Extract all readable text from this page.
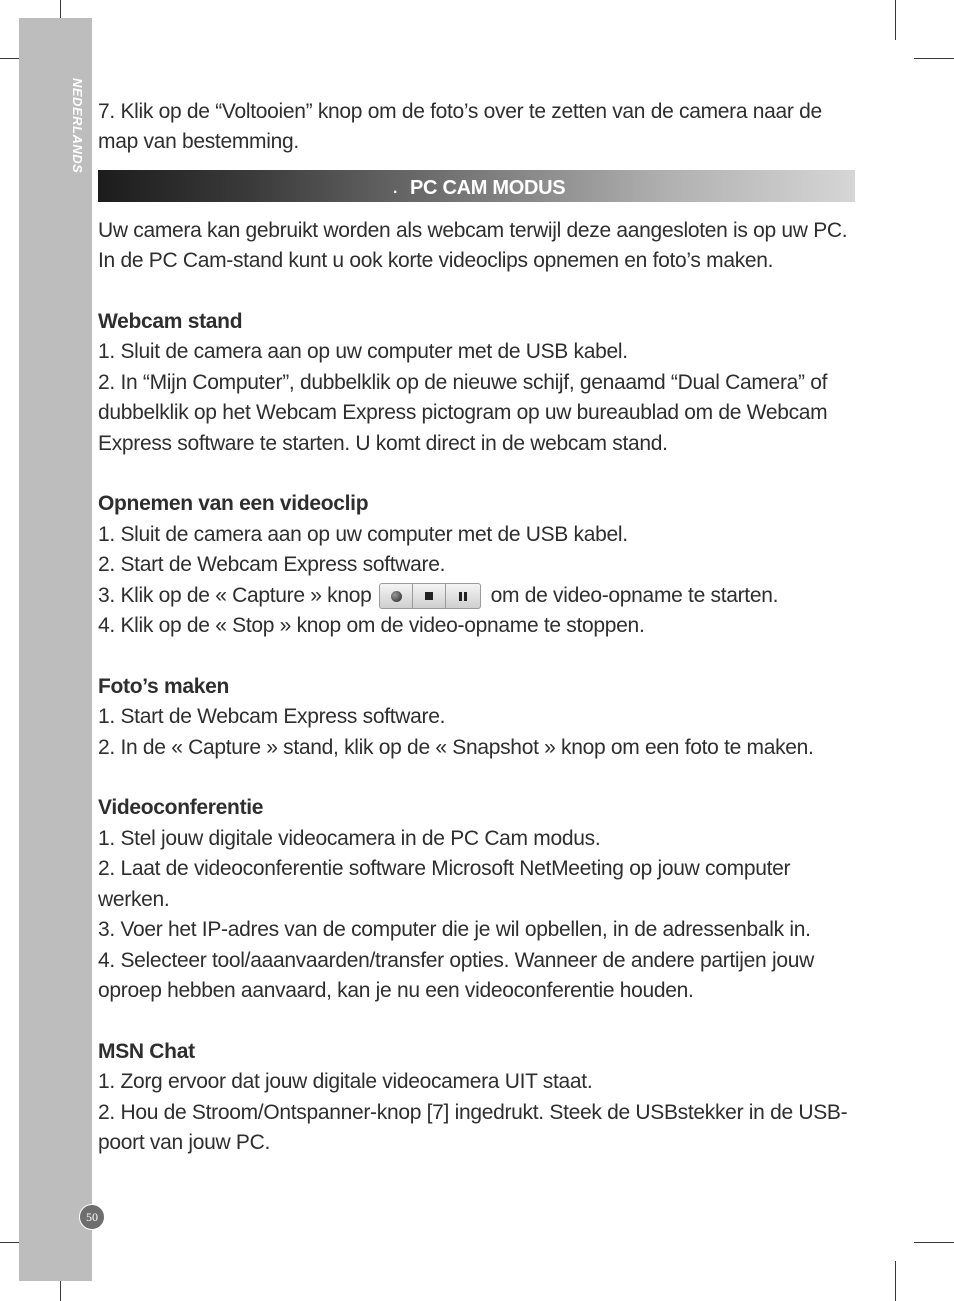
NEDERLANDS 7. Klik op de “Voltooien” knop om de foto’s over te zetten van de camera naar de map van bestemming.

. PC CAM MODUS

Uw camera kan gebruikt worden als webcam terwijl deze aangesloten is op uw PC.

In de PC Cam-stand kunt u ook korte videoclips opnemen en foto’s maken.

Webcam stand

1. Sluit de camera aan op uw computer met de USB kabel.

2. In “Mijn Computer”, dubbelklik op de nieuwe schijf, genaamd “Dual Camera” of dubbelklik op het Webcam Express pictogram op uw bureaublad om de Webcam Express software te starten. U komt direct in de webcam stand.

Opnemen van een videoclip

1. Sluit de camera aan op uw computer met de USB kabel.

2. Start de Webcam Express software.

3. Klik op de « Capture » knop	om de video-opname te starten.

4. Klik op de « Stop » knop om de video-opname te stoppen.

Foto’s maken

1. Start de Webcam Express software.

2. In de « Capture » stand, klik op de « Snapshot » knop om een foto te maken.

Videoconferentie

1. Stel jouw digitale videocamera in de PC Cam modus.

2. Laat de videoconferentie software Microsoft NetMeeting op jouw computer werken.

3. Voer het IP-adres van de computer die je wil opbellen, in de adressenbalk in.

4. Selecteer tool/aaanvaarden/transfer opties. Wanneer de andere partijen jouw oproep hebben aanvaard, kan je nu een videoconferentie houden.

MSN Chat

1. Zorg ervoor dat jouw digitale videocamera UIT staat.

2. Hou de Stroom/Ontspanner-knop [7] ingedrukt. Steek de USBstekker in de USB-poort van jouw PC.

50
